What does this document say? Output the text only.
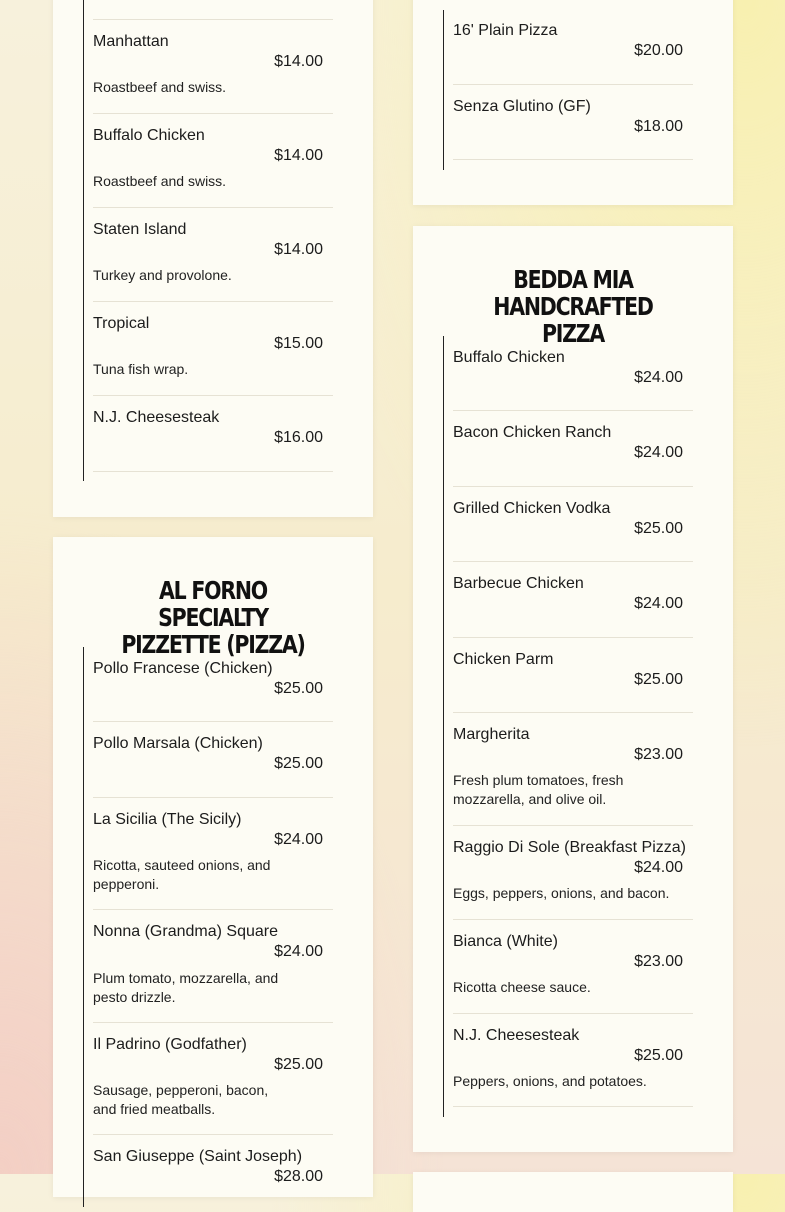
Manhattan
$14.00
Roastbeef and swiss.
Buffalo Chicken
$14.00
Roastbeef and swiss.
Staten Island
$14.00
Turkey and provolone.
Tropical
$15.00
Tuna fish wrap.
N.J. Cheesesteak
$16.00
AL FORNO SPECIALTY PIZZETTE (PIZZA)
Pollo Francese (Chicken)
$25.00
Pollo Marsala (Chicken)
$25.00
La Sicilia (The Sicily)
$24.00
Ricotta, sauteed onions, and pepperoni.
Nonna (Grandma) Square
$24.00
Plum tomato, mozzarella, and pesto drizzle.
Il Padrino (Godfather)
$25.00
Sausage, pepperoni, bacon, and fried meatballs.
San Giuseppe (Saint Joseph)
$28.00
16' Plain Pizza
$20.00
Senza Glutino (GF)
$18.00
BEDDA MIA HANDCRAFTED PIZZA
Buffalo Chicken
$24.00
Bacon Chicken Ranch
$24.00
Grilled Chicken Vodka
$25.00
Barbecue Chicken
$24.00
Chicken Parm
$25.00
Margherita
$23.00
Fresh plum tomatoes, fresh mozzarella, and olive oil.
Raggio Di Sole (Breakfast Pizza)
$24.00
Eggs, peppers, onions, and bacon.
Bianca (White)
$23.00
Ricotta cheese sauce.
N.J. Cheesesteak
$25.00
Peppers, onions, and potatoes.
